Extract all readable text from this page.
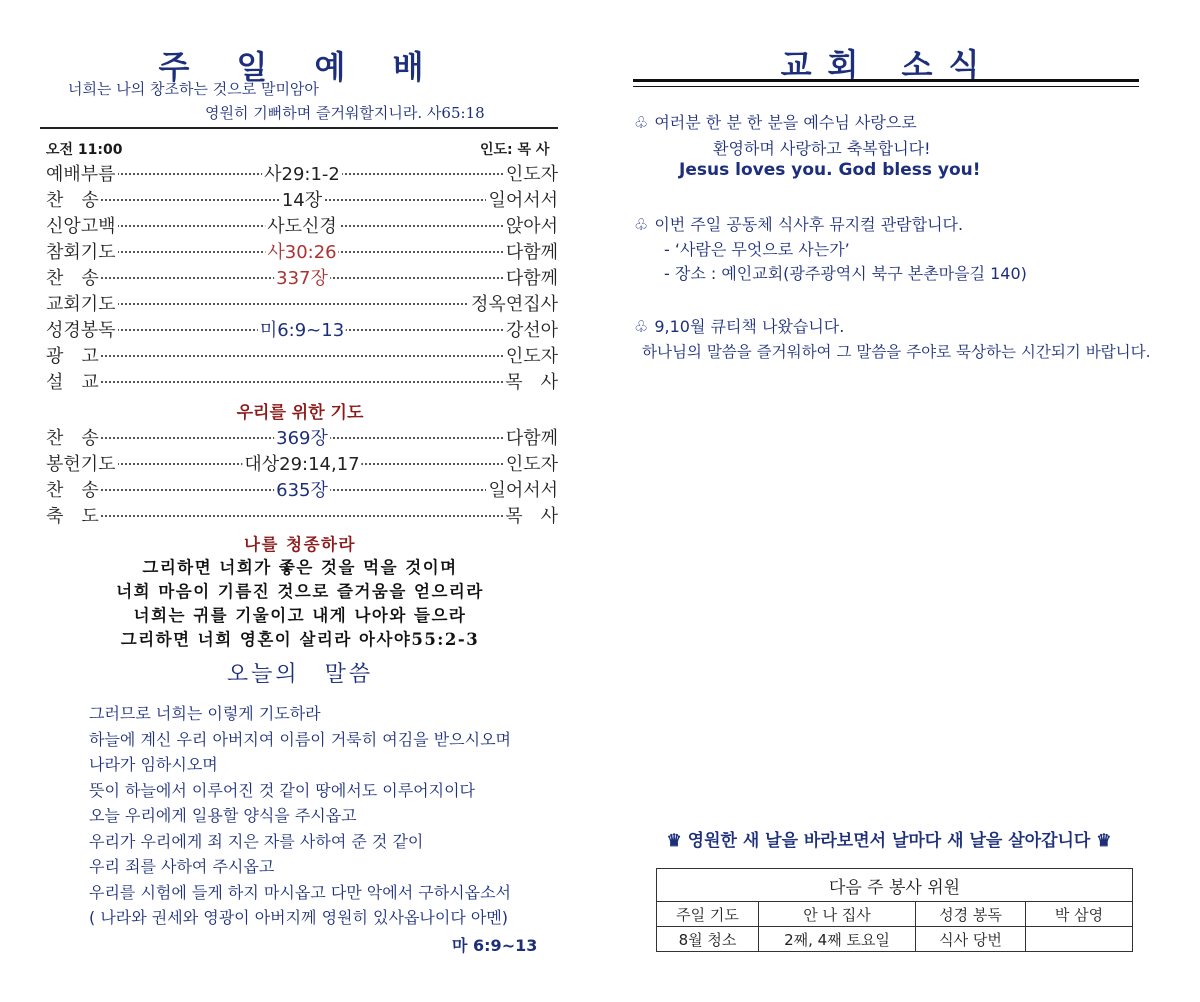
주 일 예 배
너희는 나의 창조하는 것으로 말미암아
영원히 기뻐하며 즐거워할지니라. 사65:18
오전 11:00	인도: 목 사
예배부름	사29:1-2	인도자
찬　송	14장	일어서서
신앙고백	사도신경	앉아서
참회기도	사30:26	다함께
찬　송	337장	다함께
교회기도	정옥연집사
성경봉독	미6:9~13	강선아
광　고	인도자
설　교	목　사
우리를 위한 기도
찬　송	369장	다함께
봉헌기도	대상29:14,17	인도자
찬　송	635장	일어서서
축　도	목　사
나를 청종하라
그리하면 너희가 좋은 것을 먹을 것이며
너희 마음이 기름진 것으로 즐거움을 얻으리라
너희는 귀를 기울이고 내게 나아와 들으라
그리하면 너희 영혼이 살리라 아사야55:2-3
오늘의　말씀
그러므로 너희는 이렇게 기도하라
하늘에 계신 우리 아버지여 이름이 거룩히 여김을 받으시오며
나라가 임하시오며
뜻이 하늘에서 이루어진 것 같이 땅에서도 이루어지이다
오늘 우리에게 일용할 양식을 주시옵고
우리가 우리에게 죄 지은 자를 사하여 준 것 같이
우리 죄를 사하여 주시옵고
우리를 시험에 들게 하지 마시옵고 다만 악에서 구하시옵소서
( 나라와 권세와 영광이 아버지께 영원히 있사옵나이다 아멘)
마 6:9~13
교회 소식
♧ 여러분 한 분 한 분을 예수님 사랑으로
환영하며 사랑하고 축복합니다!
Jesus loves you. God bless you!
♧ 이번 주일 공동체 식사후 뮤지컬 관람합니다.
- ‘사람은 무엇으로 사는가’
- 장소 : 예인교회(광주광역시 북구 본촌마을길 140)
♧ 9,10월 큐티책 나왔습니다.
하나님의 말씀을 즐거워하여 그 말씀을 주야로 묵상하는 시간되기 바랍니다.
♛ 영원한 새 날을 바라보면서 날마다 새 날을 살아갑니다 ♛
다음 주 봉사 위원			
주일 기도	안 나 집사	성경 봉독	박 삼영
8월 청소	2째, 4째 토요일	식사 당번	
